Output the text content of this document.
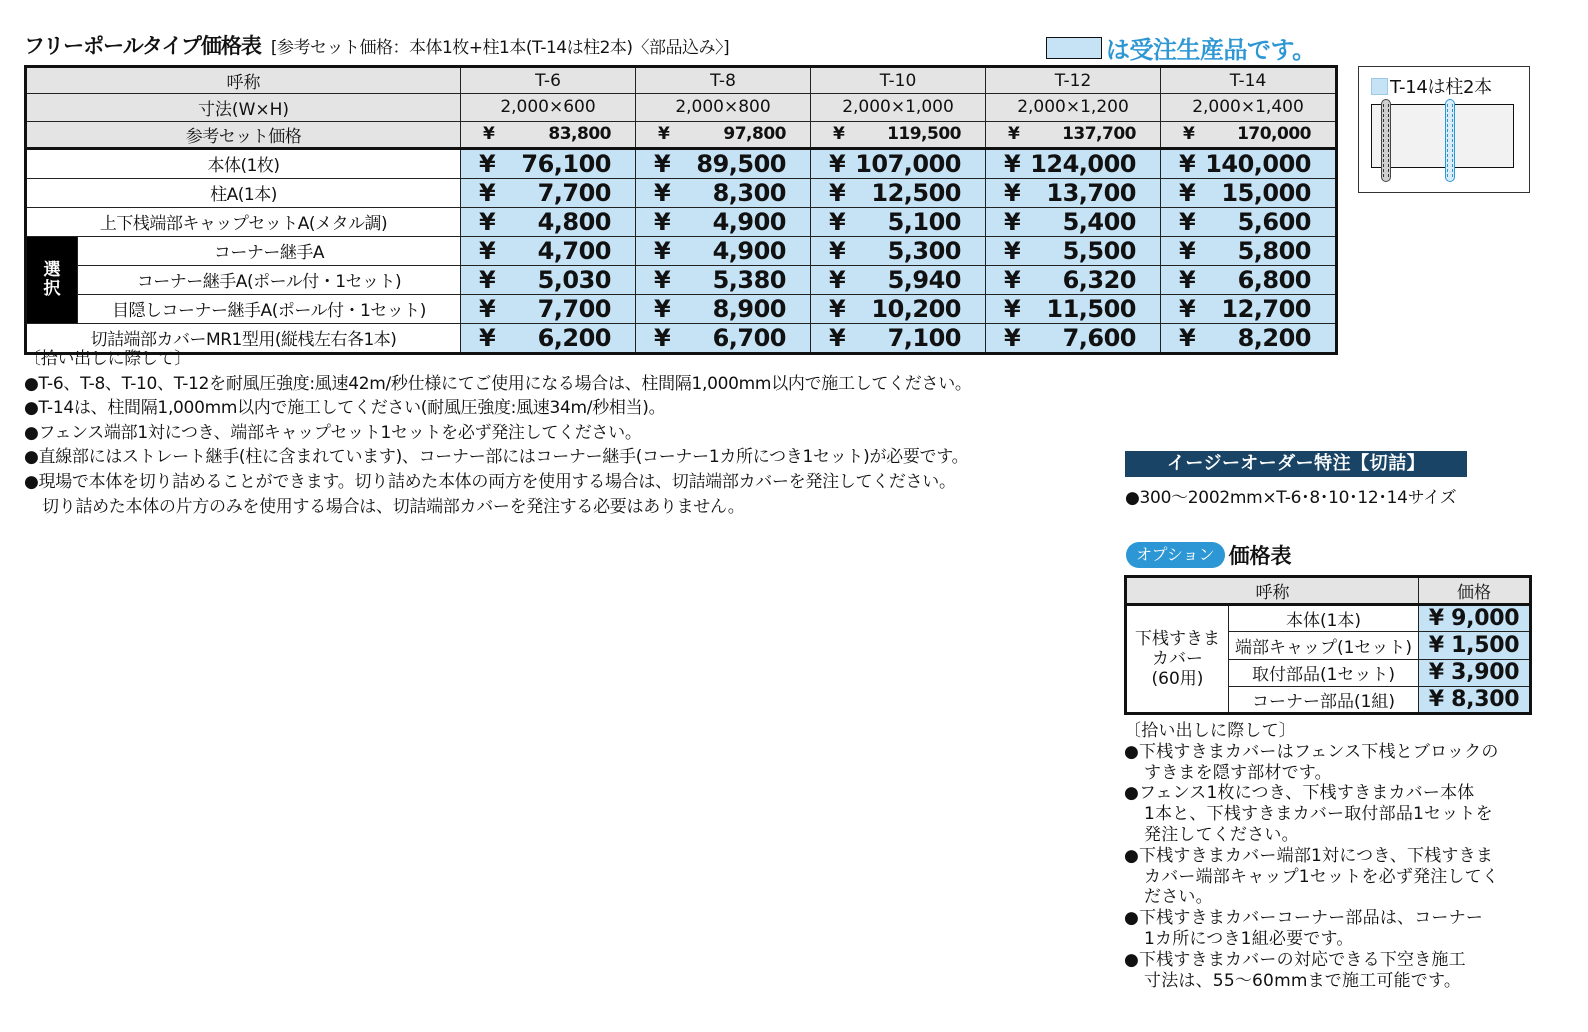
フリーポールタイプ価格表 [参考セット価格：本体1枚+柱1本(T-14は柱2本)〈部品込み〉]	は受注生産品です。
呼称		T-6	T-8	T-10	T-12	T-14
寸法(W×H)		2,000×600	2,000×800	2,000×1,000	2,000×1,200	2,000×1,400
参考セット価格		¥ 83,800	¥ 97,800	¥ 119,500	¥ 137,700	¥ 170,000

本体(1枚)		¥ 76,100	¥ 89,500	¥ 107,000	¥ 124,000	¥ 140,000

柱A(1本)		¥ 7,700	¥ 8,300	¥ 12,500	¥ 13,700	¥ 15,000

上下桟端部キャップセットA(メタル調)		¥ 4,800	¥ 4,900	¥ 5,100	¥ 5,400	¥ 5,600

選択	コーナー継手A	¥ 4,700	¥ 4,900	¥ 5,300	¥ 5,500	¥ 5,800

	コーナー継手A(ポール付・1セット)	¥ 5,030	¥ 5,380	¥ 5,940	¥ 6,320	¥ 6,800

	目隠しコーナー継手A(ポール付・1セット)	¥ 7,700	¥ 8,900	¥ 10,200	¥ 11,500	¥ 12,700

切詰端部カバーMR1型用(縦桟左右各1本)		¥ 6,200	¥ 6,700	¥ 7,100	¥ 7,600	¥ 8,200
T-14は柱2本
〔拾い出しに際して〕
●T-6、T-8、T-10、T-12を耐風圧強度:風速42m/秒仕様にてご使用になる場合は、柱間隔1,000mm以内で施工してください。
●T-14は、柱間隔1,000mm以内で施工してください(耐風圧強度:風速34m/秒相当)。
●フェンス端部1対につき、端部キャップセット1セットを必ず発注してください。
●直線部にはストレート継手(柱に含まれています)、コーナー部にはコーナー継手(コーナー1カ所につき1セット)が必要です。
●現場で本体を切り詰めることができます。切り詰めた本体の両方を使用する場合は、切詰端部カバーを発注してください。
切り詰めた本体の片方のみを使用する場合は、切詰端部カバーを発注する必要はありません。
イージーオーダー特注【切詰】
●300～2002mm×T-6･8･10･12･14サイズ
オプション 価格表
呼称		価格

下桟すきま
カバー
(60用)	本体(1本)	¥ 9,000
	端部キャップ(1セット)	¥ 1,500
	取付部品(1セット)	¥ 3,900
	コーナー部品(1組)	¥ 8,300
〔拾い出しに際して〕
●下桟すきまカバーはフェンス下桟とブロックの
すきまを隠す部材です。
●フェンス1枚につき、下桟すきまカバー本体
1本と、下桟すきまカバー取付部品1セットを
発注してください。
●下桟すきまカバー端部1対につき、下桟すきま
カバー端部キャップ1セットを必ず発注してく
ださい。
●下桟すきまカバーコーナー部品は、コーナー
1カ所につき1組必要です。
●下桟すきまカバーの対応できる下空き施工
寸法は、55～60mmまで施工可能です。
